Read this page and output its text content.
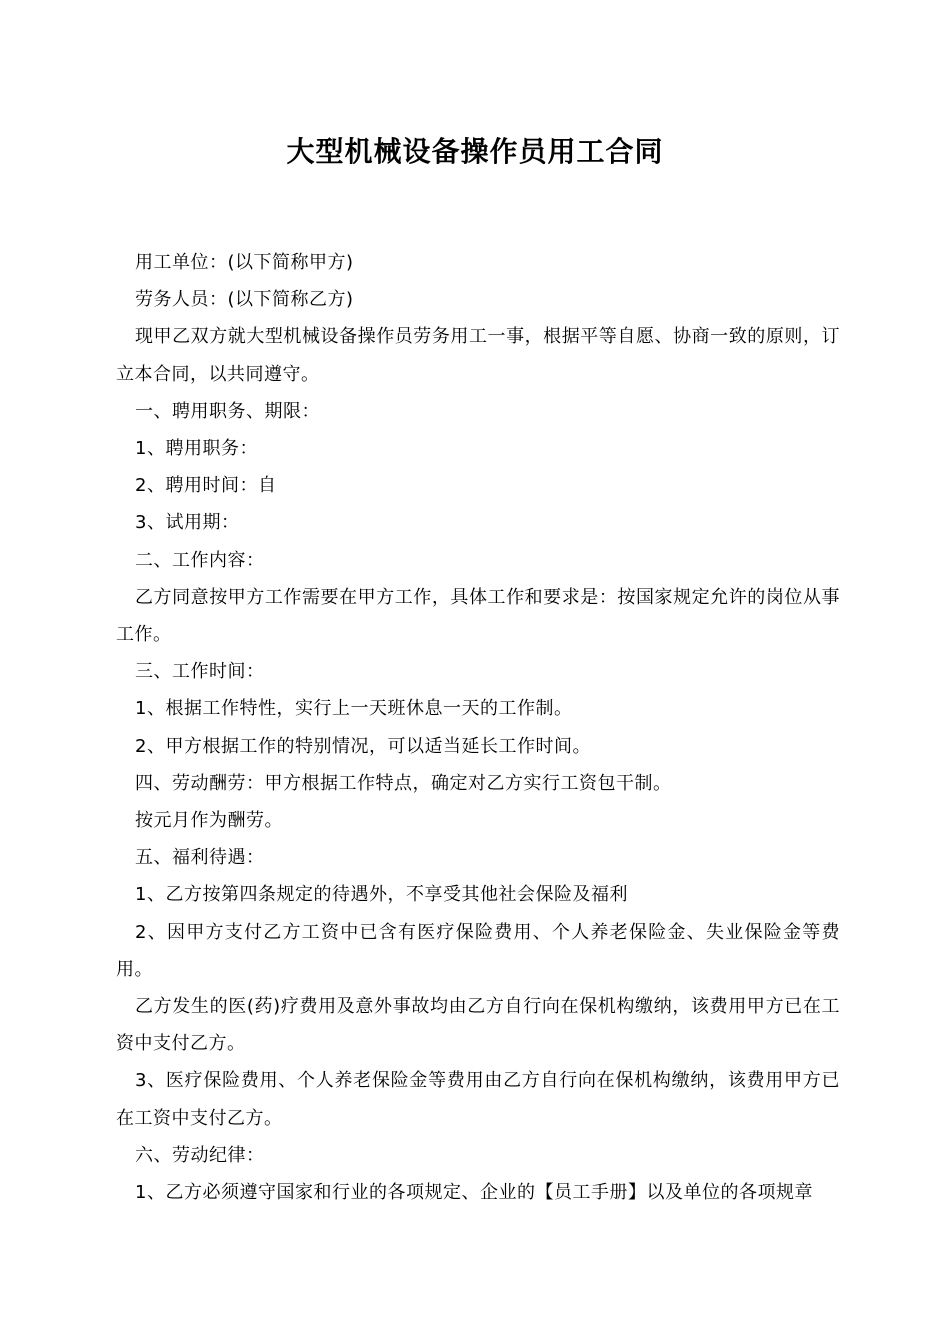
大型机械设备操作员用工合同

用工单位：(以下简称甲方)

劳务人员：(以下简称乙方)

现甲乙双方就大型机械设备操作员劳务用工一事，根据平等自愿、协商一致的原则，订立本合同，以共同遵守。

一、聘用职务、期限：

1、聘用职务：

2、聘用时间：自

3、试用期：

二、工作内容：

乙方同意按甲方工作需要在甲方工作，具体工作和要求是：按国家规定允许的岗位从事工作。

三、工作时间：

1、根据工作特性，实行上一天班休息一天的工作制。

2、甲方根据工作的特别情况，可以适当延长工作时间。

四、劳动酬劳：甲方根据工作特点，确定对乙方实行工资包干制。

按元月作为酬劳。

五、福利待遇：

1、乙方按第四条规定的待遇外，不享受其他社会保险及福利

2、因甲方支付乙方工资中已含有医疗保险费用、个人养老保险金、失业保险金等费用。

乙方发生的医(药)疗费用及意外事故均由乙方自行向在保机构缴纳，该费用甲方已在工资中支付乙方。

3、医疗保险费用、个人养老保险金等费用由乙方自行向在保机构缴纳，该费用甲方已在工资中支付乙方。

六、劳动纪律：

1、乙方必须遵守国家和行业的各项规定、企业的【员工手册】以及单位的各项规章
